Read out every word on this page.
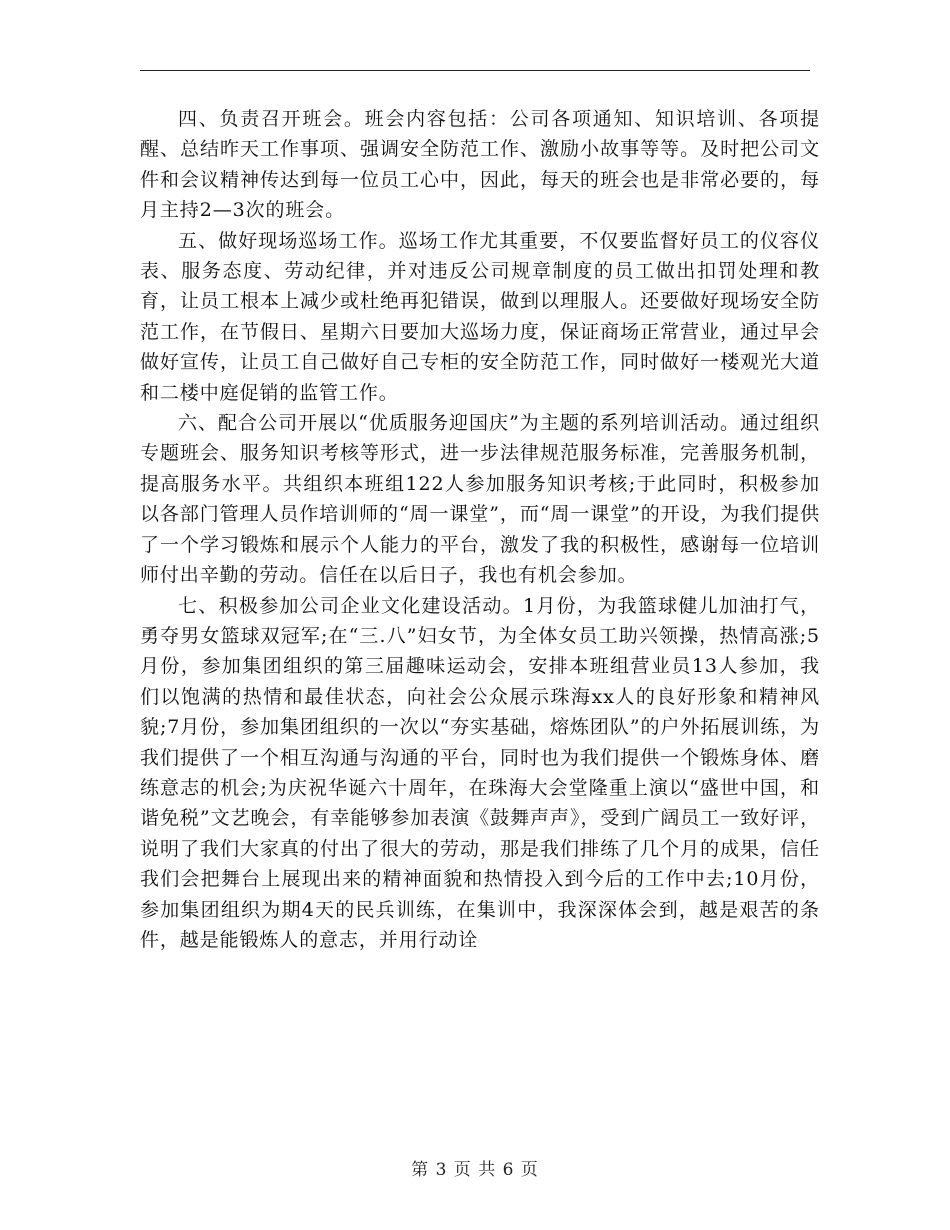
四、负责召开班会。班会内容包括：公司各项通知、知识培训、各项提醒、总结昨天工作事项、强调安全防范工作、激励小故事等等。及时把公司文件和会议精神传达到每一位员工心中，因此，每天的班会也是非常必要的，每月主持2—3次的班会。

五、做好现场巡场工作。巡场工作尤其重要，不仅要监督好员工的仪容仪表、服务态度、劳动纪律，并对违反公司规章制度的员工做出扣罚处理和教育，让员工根本上减少或杜绝再犯错误，做到以理服人。还要做好现场安全防范工作，在节假日、星期六日要加大巡场力度，保证商场正常营业，通过早会做好宣传，让员工自己做好自己专柜的安全防范工作，同时做好一楼观光大道和二楼中庭促销的监管工作。

六、配合公司开展以“优质服务迎国庆”为主题的系列培训活动。通过组织专题班会、服务知识考核等形式，进一步法律规范服务标准，完善服务机制，提高服务水平。共组织本班组122人参加服务知识考核;于此同时，积极参加以各部门管理人员作培训师的“周一课堂”，而“周一课堂”的开设，为我们提供了一个学习锻炼和展示个人能力的平台，激发了我的积极性，感谢每一位培训师付出辛勤的劳动。信任在以后日子，我也有机会参加。

七、积极参加公司企业文化建设活动。1月份，为我篮球健儿加油打气，勇夺男女篮球双冠军;在“三.八”妇女节，为全体女员工助兴领操，热情高涨;5月份，参加集团组织的第三届趣味运动会，安排本班组营业员13人参加，我们以饱满的热情和最佳状态，向社会公众展示珠海xx人的良好形象和精神风貌;7月份，参加集团组织的一次以“夯实基础，熔炼团队”的户外拓展训练，为我们提供了一个相互沟通与沟通的平台，同时也为我们提供一个锻炼身体、磨练意志的机会;为庆祝华诞六十周年，在珠海大会堂隆重上演以“盛世中国，和谐免税”文艺晚会，有幸能够参加表演《鼓舞声声》，受到广阔员工一致好评，说明了我们大家真的付出了很大的劳动，那是我们排练了几个月的成果，信任我们会把舞台上展现出来的精神面貌和热情投入到今后的工作中去;10月份，参加集团组织为期4天的民兵训练，在集训中，我深深体会到，越是艰苦的条件，越是能锻炼人的意志，并用行动诠

第 3 页 共 6 页
